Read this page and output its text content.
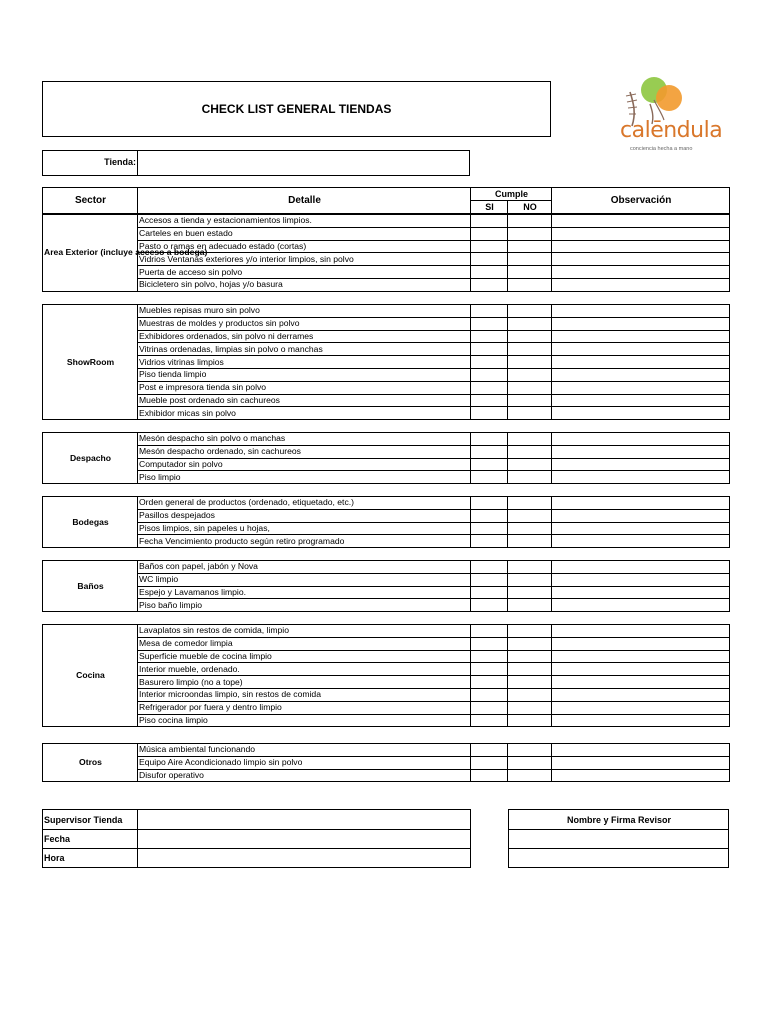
CHECK LIST GENERAL TIENDAS
calēndula
conciencia hecha a mano
Tienda:
Sector	Detalle	Cumple		Observación
		SI	NO	
Area Exterior (incluye acceso a bodega)	Accesos a tienda y estacionamientos limpios.			
	Carteles en buen estado			
	Pasto o ramas en adecuado estado (cortas)			
	Vidrios Ventanas exteriores y/o interior limpios, sin polvo			
	Puerta de acceso sin polvo			
	Bicicletero sin polvo, hojas y/o basura			
ShowRoom	Muebles repisas muro sin polvo			
	Muestras de moldes y productos sin polvo			
	Exhibidores ordenados, sin polvo ni derrames			
	Vitrinas ordenadas, limpias sin polvo o manchas			
	Vidrios vitrinas limpios			
	Piso tienda limpio			
	Post e impresora tienda sin polvo			
	Mueble post ordenado sin cachureos			
	Exhibidor micas sin polvo			
Despacho	Mesón despacho sin polvo o manchas			
	Mesón despacho ordenado, sin cachureos			
	Computador sin polvo			
	Piso limpio			
Bodegas	Orden general de productos (ordenado, etiquetado, etc.)			
	Pasillos despejados			
	Pisos limpios, sin papeles u hojas,			
	Fecha Vencimiento producto según retiro programado			
Baños	Baños con papel, jabón y Nova			
	WC limpio			
	Espejo y Lavamanos limpio.			
	Piso baño limpio			
Cocina	Lavaplatos sin restos de comida, limpio			
	Mesa de comedor limpia			
	Superficie mueble de cocina limpio			
	Interior mueble, ordenado.			
	Basurero limpio (no a tope)			
	Interior microondas limpio, sin restos de comida			
	Refrigerador por fuera y dentro limpio			
	Piso cocina limpio			
Otros	Música ambiental funcionando			
	Equipo Aire Acondicionado limpio sin polvo			
	Disufor operativo			
Supervisor Tienda	
Fecha	
Hora	
Nombre y Firma Revisor
